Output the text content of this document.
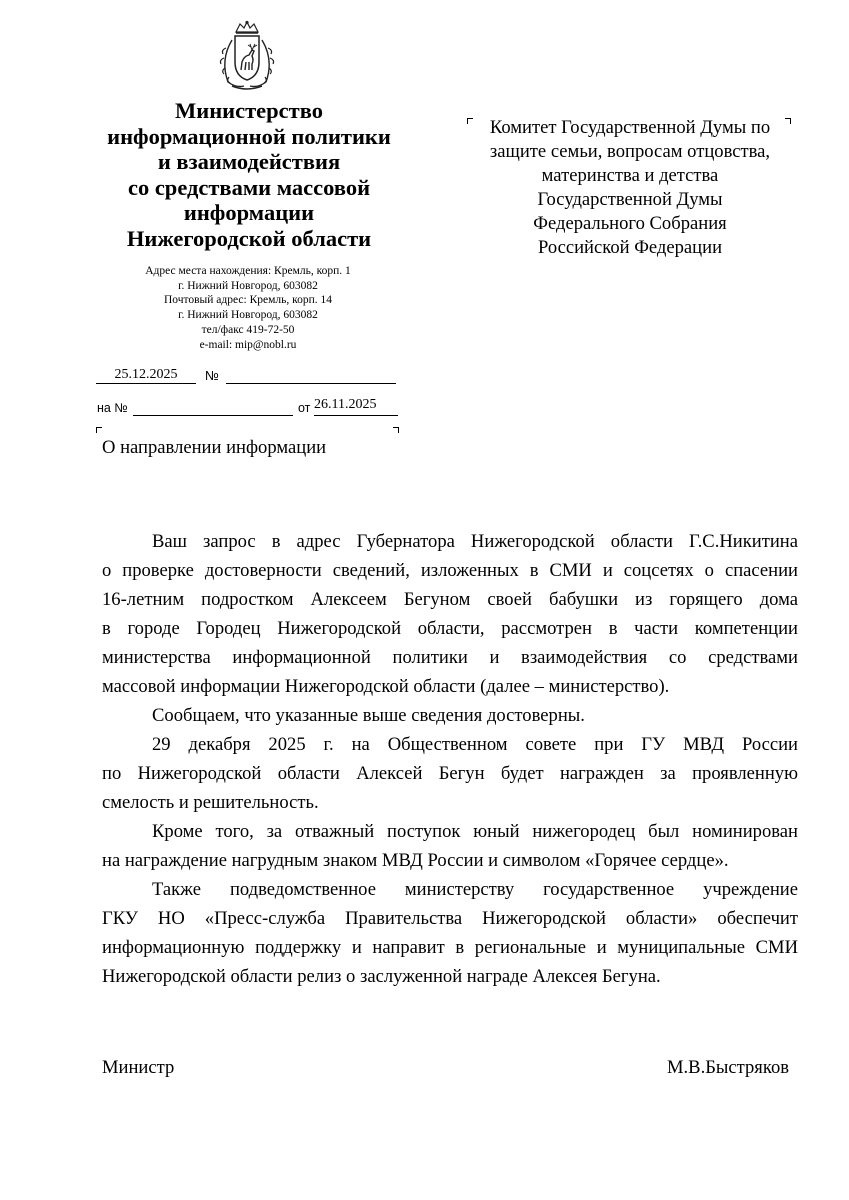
Министерство
информационной политики
и взаимодействия
со средствами массовой
информации
Нижегородской области
Адрес места нахождения: Кремль, корп. 1
г. Нижний Новгород, 603082
Почтовый адрес: Кремль, корп. 14
г. Нижний Новгород, 603082
тел/факс 419-72-50
e-mail: mip@nobl.ru
25.12.2025	№
на №	от 26.11.2025
О направлении информации
Комитет Государственной Думы по
защите семьи, вопросам отцовства,
материнства и детства
Государственной Думы
Федерального Собрания
Российской Федерации
Ваш запрос в адрес Губернатора Нижегородской области Г.С.Никитина
о проверке достоверности сведений, изложенных в СМИ и соцсетях о спасении
16-летним подростком Алексеем Бегуном своей бабушки из горящего дома
в городе Городец Нижегородской области, рассмотрен в части компетенции
министерства информационной политики и взаимодействия со средствами
массовой информации Нижегородской области (далее – министерство).
Сообщаем, что указанные выше сведения достоверны.
29 декабря 2025 г. на Общественном совете при ГУ МВД России
по Нижегородской области Алексей Бегун будет награжден за проявленную
смелость и решительность.
Кроме того, за отважный поступок юный нижегородец был номинирован
на награждение нагрудным знаком МВД России и символом «Горячее сердце».
Также подведомственное министерству государственное учреждение
ГКУ НО «Пресс-служба Правительства Нижегородской области» обеспечит
информационную поддержку и направит в региональные и муниципальные СМИ
Нижегородской области релиз о заслуженной награде Алексея Бегуна.
Министр	М.В.Быстряков
